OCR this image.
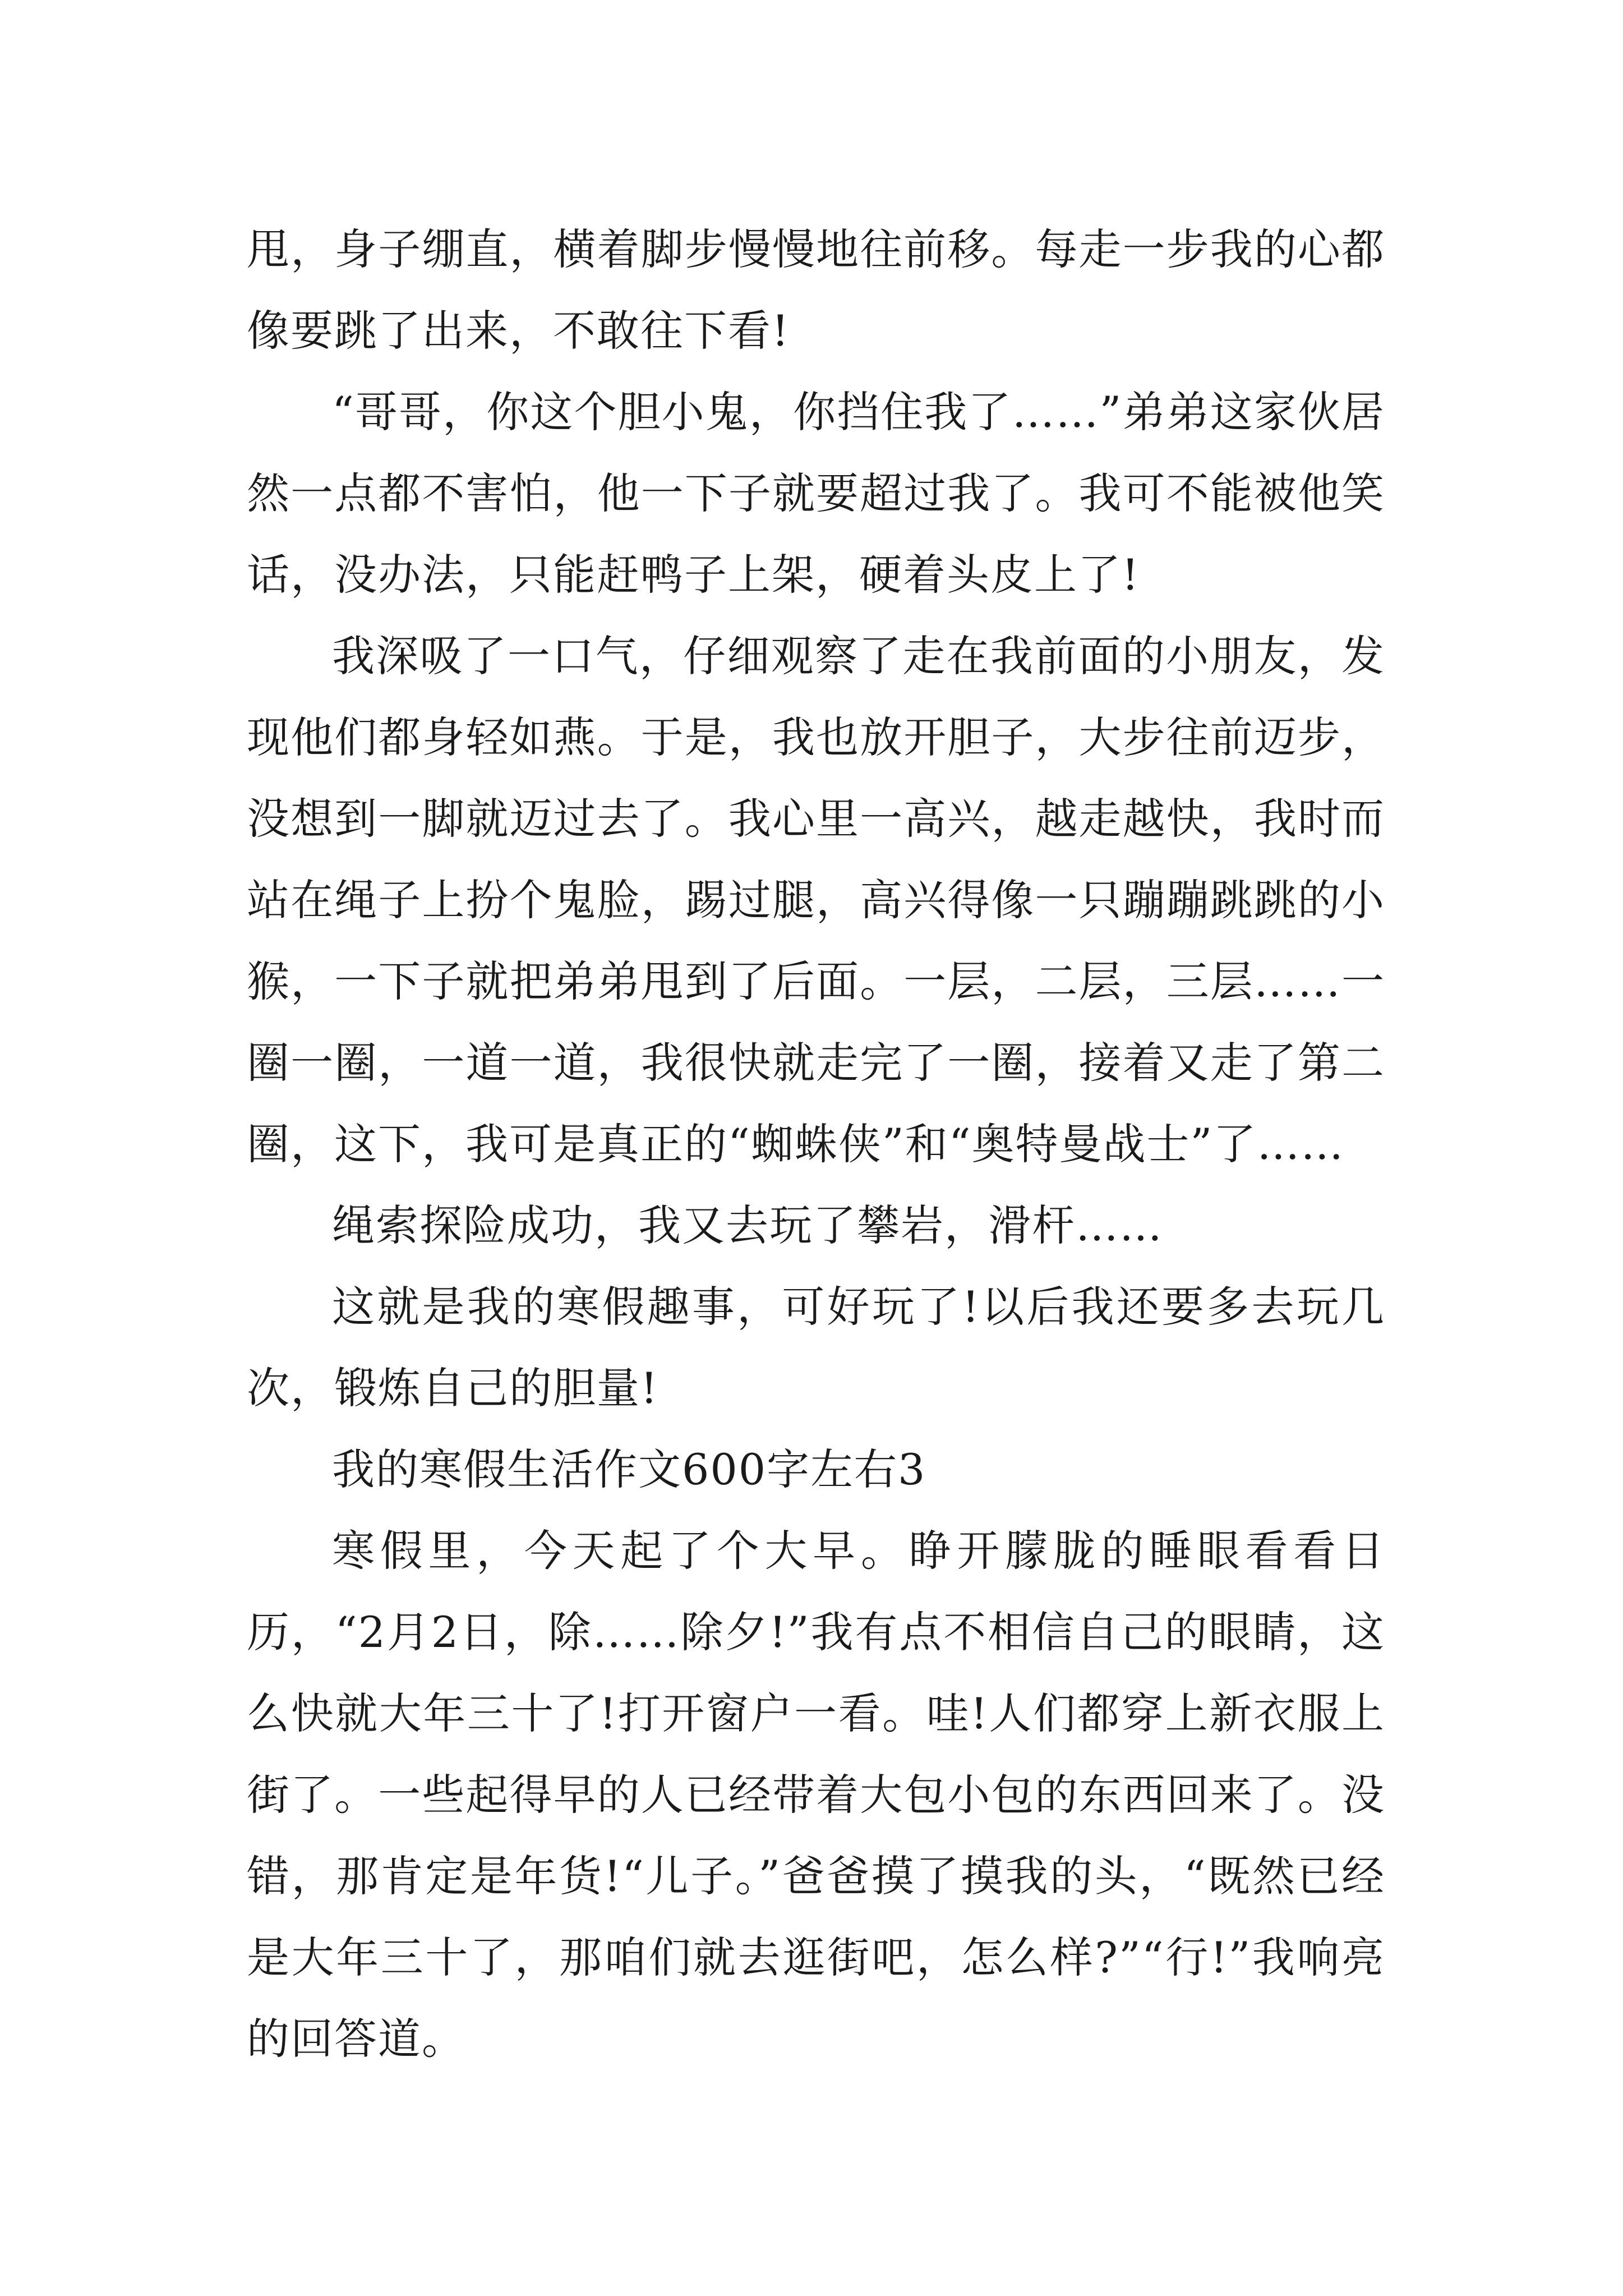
甩，身子绷直，横着脚步慢慢地往前移。每走一步我的心都像要跳了出来，不敢往下看!

“哥哥，你这个胆小鬼，你挡住我了……”弟弟这家伙居然一点都不害怕，他一下子就要超过我了。我可不能被他笑话，没办法，只能赶鸭子上架，硬着头皮上了!

我深吸了一口气，仔细观察了走在我前面的小朋友，发现他们都身轻如燕。于是，我也放开胆子，大步往前迈步，没想到一脚就迈过去了。我心里一高兴，越走越快，我时而站在绳子上扮个鬼脸，踢过腿，高兴得像一只蹦蹦跳跳的小猴，一下子就把弟弟甩到了后面。一层，二层，三层……一圈一圈，一道一道，我很快就走完了一圈，接着又走了第二圈，这下，我可是真正的“蜘蛛侠”和“奥特曼战士”了……

绳索探险成功，我又去玩了攀岩，滑杆……

这就是我的寒假趣事，可好玩了!以后我还要多去玩几次，锻炼自己的胆量!

我的寒假生活作文600字左右3

寒假里，今天起了个大早。睁开朦胧的睡眼看看日历，“2月2日，除……除夕!”我有点不相信自己的眼睛，这么快就大年三十了!打开窗户一看。哇!人们都穿上新衣服上街了。一些起得早的人已经带着大包小包的东西回来了。没错，那肯定是年货!“儿子。”爸爸摸了摸我的头，“既然已经是大年三十了，那咱们就去逛街吧，怎么样?”“行!”我响亮的回答道。
